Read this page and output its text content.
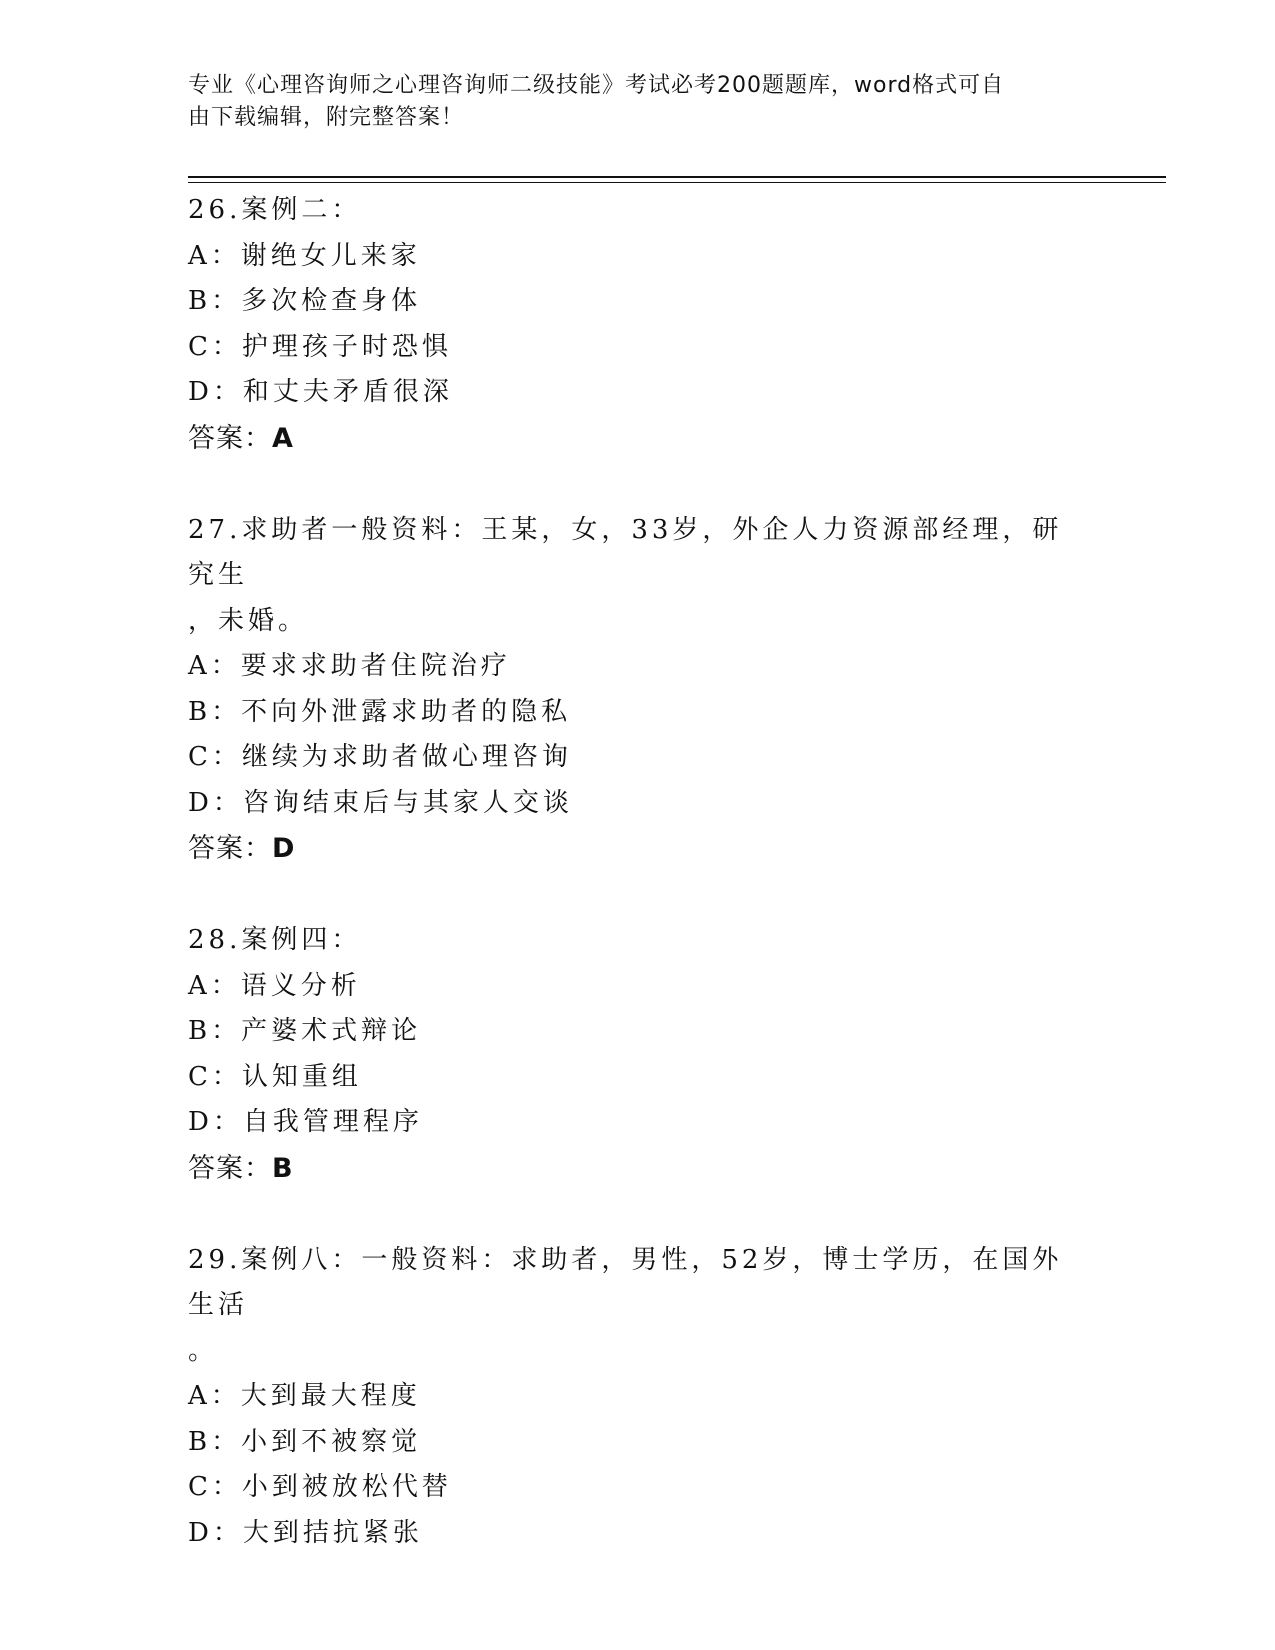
专业《心理咨询师之心理咨询师二级技能》考试必考200题题库，word格式可自
由下载编辑，附完整答案！
26.案例二：
A：谢绝女儿来家
B：多次检查身体
C：护理孩子时恐惧
D：和丈夫矛盾很深
答案：A
27.求助者一般资料：王某，女，33岁，外企人力资源部经理，研究生
，未婚。
A：要求求助者住院治疗
B：不向外泄露求助者的隐私
C：继续为求助者做心理咨询
D：咨询结束后与其家人交谈
答案：D
28.案例四：
A：语义分析
B：产婆术式辩论
C：认知重组
D：自我管理程序
答案：B
29.案例八：一般资料：求助者，男性，52岁，博士学历，在国外生活
。
A：大到最大程度
B：小到不被察觉
C：小到被放松代替
D：大到拮抗紧张
